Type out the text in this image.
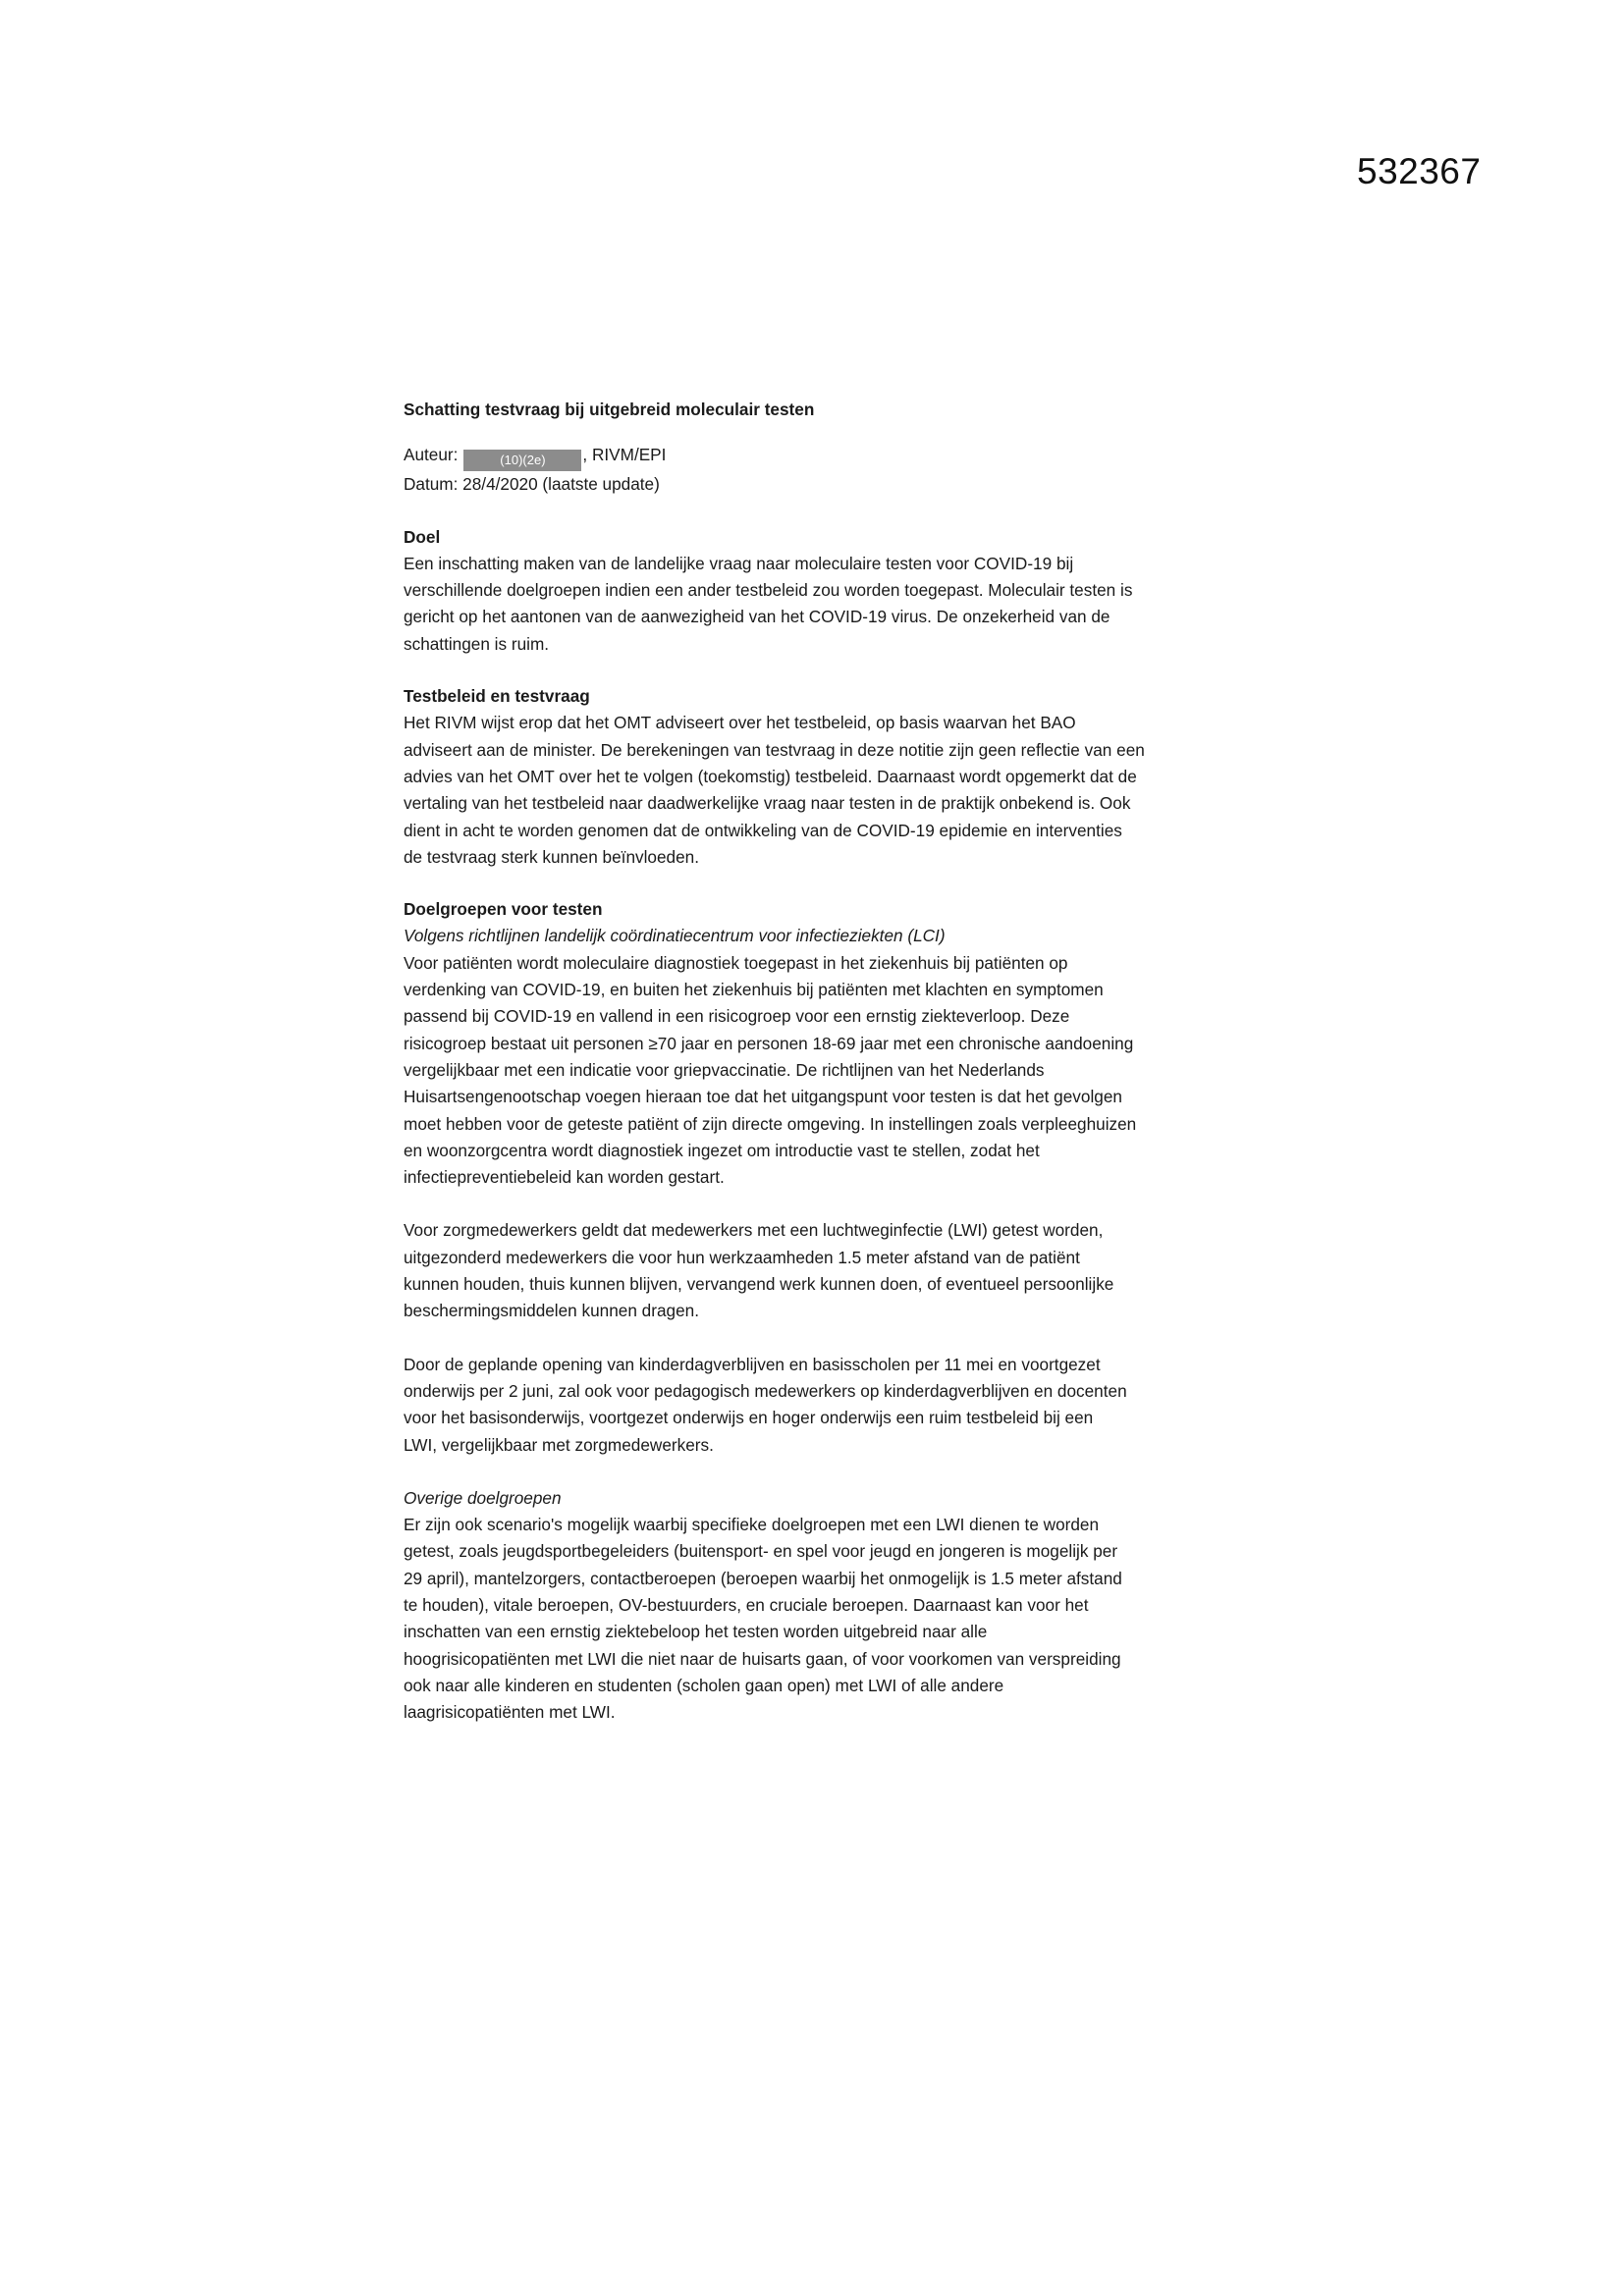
532367

Schatting testvraag bij uitgebreid moleculair testen

Auteur:	(10)(2e) , RIVM/EPI

Datum: 28/4/2020 (laatste update)

Doel

Een inschatting maken van de landelijke vraag naar moleculaire testen voor COVID-19 bij
verschillende doelgroepen indien een ander testbeleid zou worden toegepast. Moleculair testen is
gericht op het aantonen van de aanwezigheid van het COVID-19 virus. De onzekerheid van de
schattingen is ruim.

Testbeleid en testvraag

Het RIVM wijst erop dat het OMT adviseert over het testbeleid, op basis waarvan het BAO
adviseert aan de minister. De berekeningen van testvraag in deze notitie zijn geen reflectie van een
advies van het OMT over het te volgen (toekomstig) testbeleid. Daarnaast wordt opgemerkt dat de
vertaling van het testbeleid naar daadwerkelijke vraag naar testen in de praktijk onbekend is. Ook
dient in acht te worden genomen dat de ontwikkeling van de COVID-19 epidemie en interventies
de testvraag sterk kunnen beïnvloeden.

Doelgroepen voor testen

Volgens richtlijnen landelijk coördinatiecentrum voor infectieziekten (LCI)

Voor patiënten wordt moleculaire diagnostiek toegepast in het ziekenhuis bij patiënten op
verdenking van COVID-19, en buiten het ziekenhuis bij patiënten met klachten en symptomen
passend bij COVID-19 en vallend in een risicogroep voor een ernstig ziekteverloop. Deze
risicogroep bestaat uit personen ≥70 jaar en personen 18-69 jaar met een chronische aandoening
vergelijkbaar met een indicatie voor griepvaccinatie. De richtlijnen van het Nederlands
Huisartsengenootschap voegen hieraan toe dat het uitgangspunt voor testen is dat het gevolgen
moet hebben voor de geteste patiënt of zijn directe omgeving. In instellingen zoals verpleeghuizen
en woonzorgcentra wordt diagnostiek ingezet om introductie vast te stellen, zodat het
infectiepreventiebeleid kan worden gestart.

Voor zorgmedewerkers geldt dat medewerkers met een luchtweginfectie (LWI) getest worden,
uitgezonderd medewerkers die voor hun werkzaamheden 1.5 meter afstand van de patiënt
kunnen houden, thuis kunnen blijven, vervangend werk kunnen doen, of eventueel persoonlijke
beschermingsmiddelen kunnen dragen.

Door de geplande opening van kinderdagverblijven en basisscholen per 11 mei en voortgezet
onderwijs per 2 juni, zal ook voor pedagogisch medewerkers op kinderdagverblijven en docenten
voor het basisonderwijs, voortgezet onderwijs en hoger onderwijs een ruim testbeleid bij een
LWI, vergelijkbaar met zorgmedewerkers.

Overige doelgroepen

Er zijn ook scenario's mogelijk waarbij specifieke doelgroepen met een LWI dienen te worden
getest, zoals jeugdsportbegeleiders (buitensport- en spel voor jeugd en jongeren is mogelijk per
29 april), mantelzorgers, contactberoepen (beroepen waarbij het onmogelijk is 1.5 meter afstand
te houden), vitale beroepen, OV-bestuurders, en cruciale beroepen. Daarnaast kan voor het
inschatten van een ernstig ziektebeloop het testen worden uitgebreid naar alle
hoogrisicopatiënten met LWI die niet naar de huisarts gaan, of voor voorkomen van verspreiding
ook naar alle kinderen en studenten (scholen gaan open) met LWI of alle andere
laagrisicopatiënten met LWI.
